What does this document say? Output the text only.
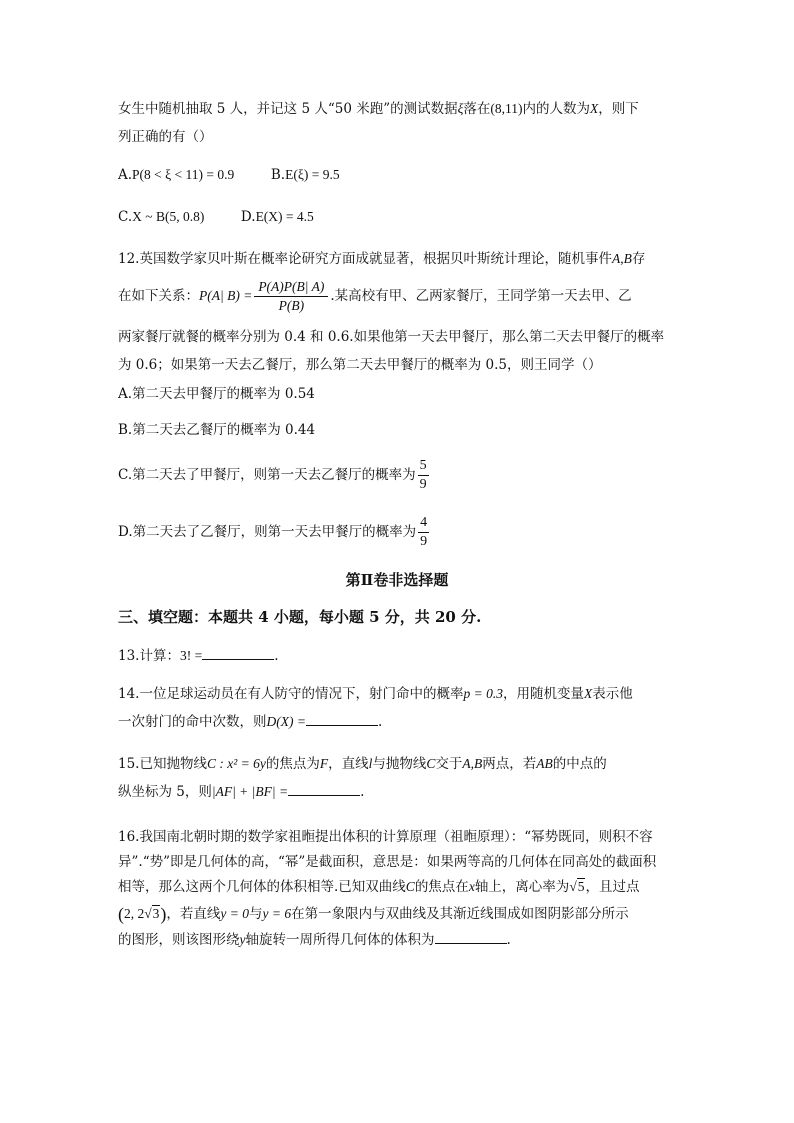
女生中随机抽取 5 人，并记这 5 人“50 米跑”的测试数据ξ落在(8,11)内的人数为X，则下
列正确的有（）
A.P(8 < ξ < 11) = 0.9	B.E(ξ) = 9.5
C.X ~ B(5, 0.8)	D.E(X) = 4.5
12.英国数学家贝叶斯在概率论研究方面成就显著，根据贝叶斯统计理论，随机事件A,B存
在如下关系：P(A| $B) = \frac{P(A)P(B| A)}{P(B)}$ .某高校有甲、乙两家餐厅，王同学第一天去甲、乙
两家餐厅就餐的概率分别为 0.4 和 0.6.如果他第一天去甲餐厅，那么第二天去甲餐厅的概率
为 0.6；如果第一天去乙餐厅，那么第二天去甲餐厅的概率为 0.5，则王同学（）
A.第二天去甲餐厅的概率为 0.54
B.第二天去乙餐厅的概率为 0.44
C.第二天去了甲餐厅，则第一天去乙餐厅的概率为 $\frac{5}{9}$
D.第二天去了乙餐厅，则第一天去甲餐厅的概率为 $\frac{4}{9}$
第Ⅱ卷非选择题
三、填空题：本题共 4 小题，每小题 5 分，共 20 分.
13.计算：3! =	.
14.一位足球运动员在有人防守的情况下，射门命中的概率p = 0.3，用随机变量X表示他
一次射门的命中次数，则D(X) =	.
15.已知抛物线C : x² = 6y的焦点为F，直线l与抛物线C交于A,B两点，若AB的中点的
纵坐标为 5，则|AF| + |BF| =	.
16.我国南北朝时期的数学家祖暅提出体积的计算原理（祖暅原理）：“幂势既同，则积不容
异”.“势”即是几何体的高，“幂”是截面积，意思是：如果两等高的几何体在同高处的截面积
相等，那么这两个几何体的体积相等.已知双曲线C的焦点在x轴上，离心率为√5，且过点
(2, 2√3)，若直线y = 0与y = 6在第一象限内与双曲线及其渐近线围成如图阴影部分所示
的图形，则该图形绕y轴旋转一周所得几何体的体积为	.
